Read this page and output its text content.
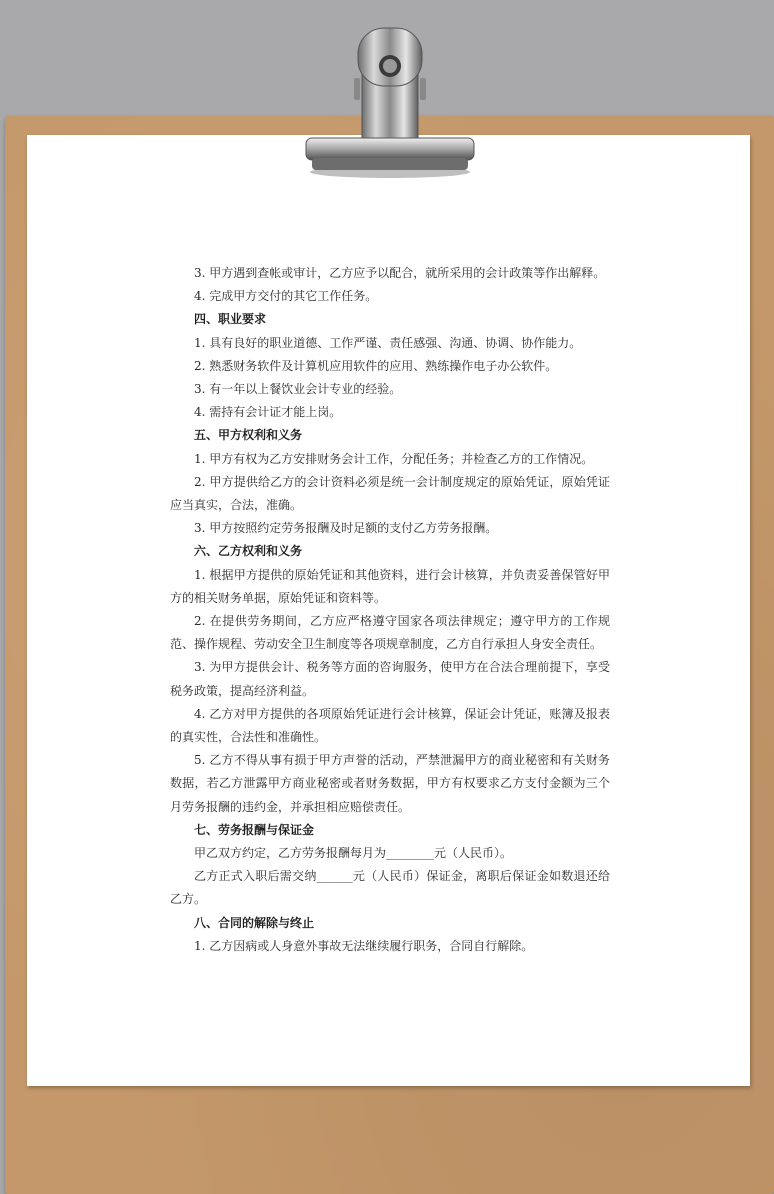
3. 甲方遇到查帐或审计，乙方应予以配合，就所采用的会计政策等作出解释。

4. 完成甲方交付的其它工作任务。

四、职业要求

1. 具有良好的职业道德、工作严谨、责任感强、沟通、协调、协作能力。

2. 熟悉财务软件及计算机应用软件的应用、熟练操作电子办公软件。

3. 有一年以上餐饮业会计专业的经验。

4. 需持有会计证才能上岗。

五、甲方权利和义务

1. 甲方有权为乙方安排财务会计工作，分配任务；并检查乙方的工作情况。

2. 甲方提供给乙方的会计资料必须是统一会计制度规定的原始凭证，原始凭证应当真实，合法，准确。

3. 甲方按照约定劳务报酬及时足额的支付乙方劳务报酬。

六、乙方权利和义务

1. 根据甲方提供的原始凭证和其他资料，进行会计核算，并负责妥善保管好甲方的相关财务单据，原始凭证和资料等。

2. 在提供劳务期间，乙方应严格遵守国家各项法律规定；遵守甲方的工作规范、操作规程、劳动安全卫生制度等各项规章制度，乙方自行承担人身安全责任。

3. 为甲方提供会计、税务等方面的咨询服务，使甲方在合法合理前提下，享受税务政策，提高经济利益。

4. 乙方对甲方提供的各项原始凭证进行会计核算，保证会计凭证，账簿及报表的真实性，合法性和准确性。

5. 乙方不得从事有损于甲方声誉的活动，严禁泄漏甲方的商业秘密和有关财务数据，若乙方泄露甲方商业秘密或者财务数据，甲方有权要求乙方支付金额为三个月劳务报酬的违约金，并承担相应赔偿责任。

七、劳务报酬与保证金

甲乙双方约定，乙方劳务报酬每月为________元（人民币）。

乙方正式入职后需交纳______元（人民币）保证金，离职后保证金如数退还给乙方。

八、合同的解除与终止

1. 乙方因病或人身意外事故无法继续履行职务，合同自行解除。
